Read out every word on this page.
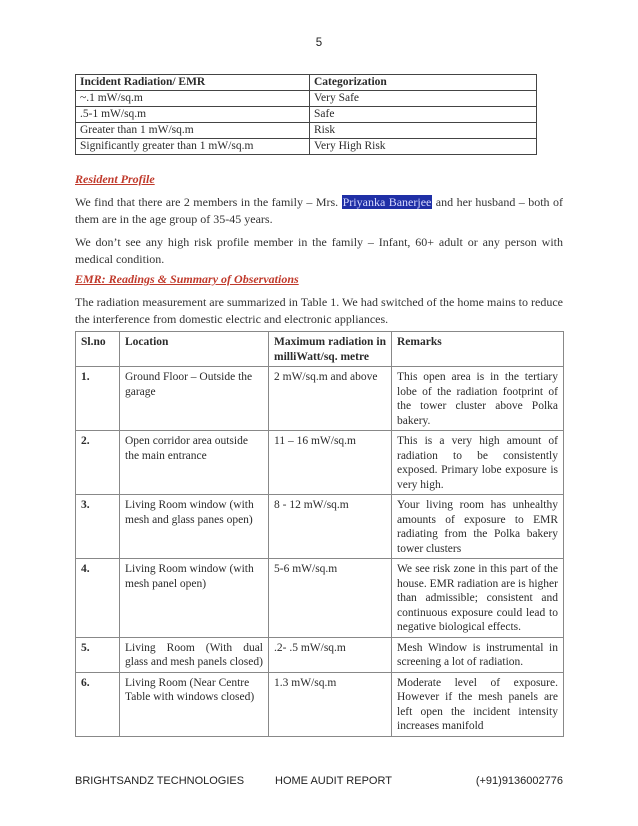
5
Incident Radiation/ EMR	Categorization
~.1 mW/sq.m	Very Safe
.5-1 mW/sq.m	Safe
Greater than 1 mW/sq.m	Risk
Significantly greater than 1 mW/sq.m	Very High Risk
Resident Profile
We find that there are 2 members in the family – Mrs. Priyanka Banerjee and her husband – both of them are in the age group of 35-45 years.
We don’t see any high risk profile member in the family – Infant, 60+ adult or any person with medical condition.
EMR: Readings & Summary of Observations
The radiation measurement are summarized in Table 1. We had switched of the home mains to reduce the interference from domestic electric and electronic appliances.
Sl.no	Location	Maximum radiation in milliWatt/sq. metre	Remarks
1.	Ground Floor – Outside the garage	2 mW/sq.m and above	This open area is in the tertiary lobe of the radiation footprint of the tower cluster above Polka bakery.
2.	Open corridor area outside the main entrance	11 – 16 mW/sq.m	This is a very high amount of radiation to be consistently exposed. Primary lobe exposure is very high.
3.	Living Room window (with mesh and glass panes open)	8 - 12 mW/sq.m	Your living room has unhealthy amounts of exposure to EMR radiating from the Polka bakery tower clusters
4.	Living Room window (with mesh panel open)	5-6 mW/sq.m	We see risk zone in this part of the house. EMR radiation are is higher than admissible; consistent and continuous exposure could lead to negative biological effects.
5.	Living Room (With dual glass and mesh panels closed)	.2- .5 mW/sq.m	Mesh Window is instrumental in screening a lot of radiation.
6.	Living Room (Near Centre Table with windows closed)	1.3 mW/sq.m	Moderate level of exposure. However if the mesh panels are left open the incident intensity increases manifold
BRIGHTSANDZ TECHNOLOGIES	HOME AUDIT REPORT	(+91)9136002776
